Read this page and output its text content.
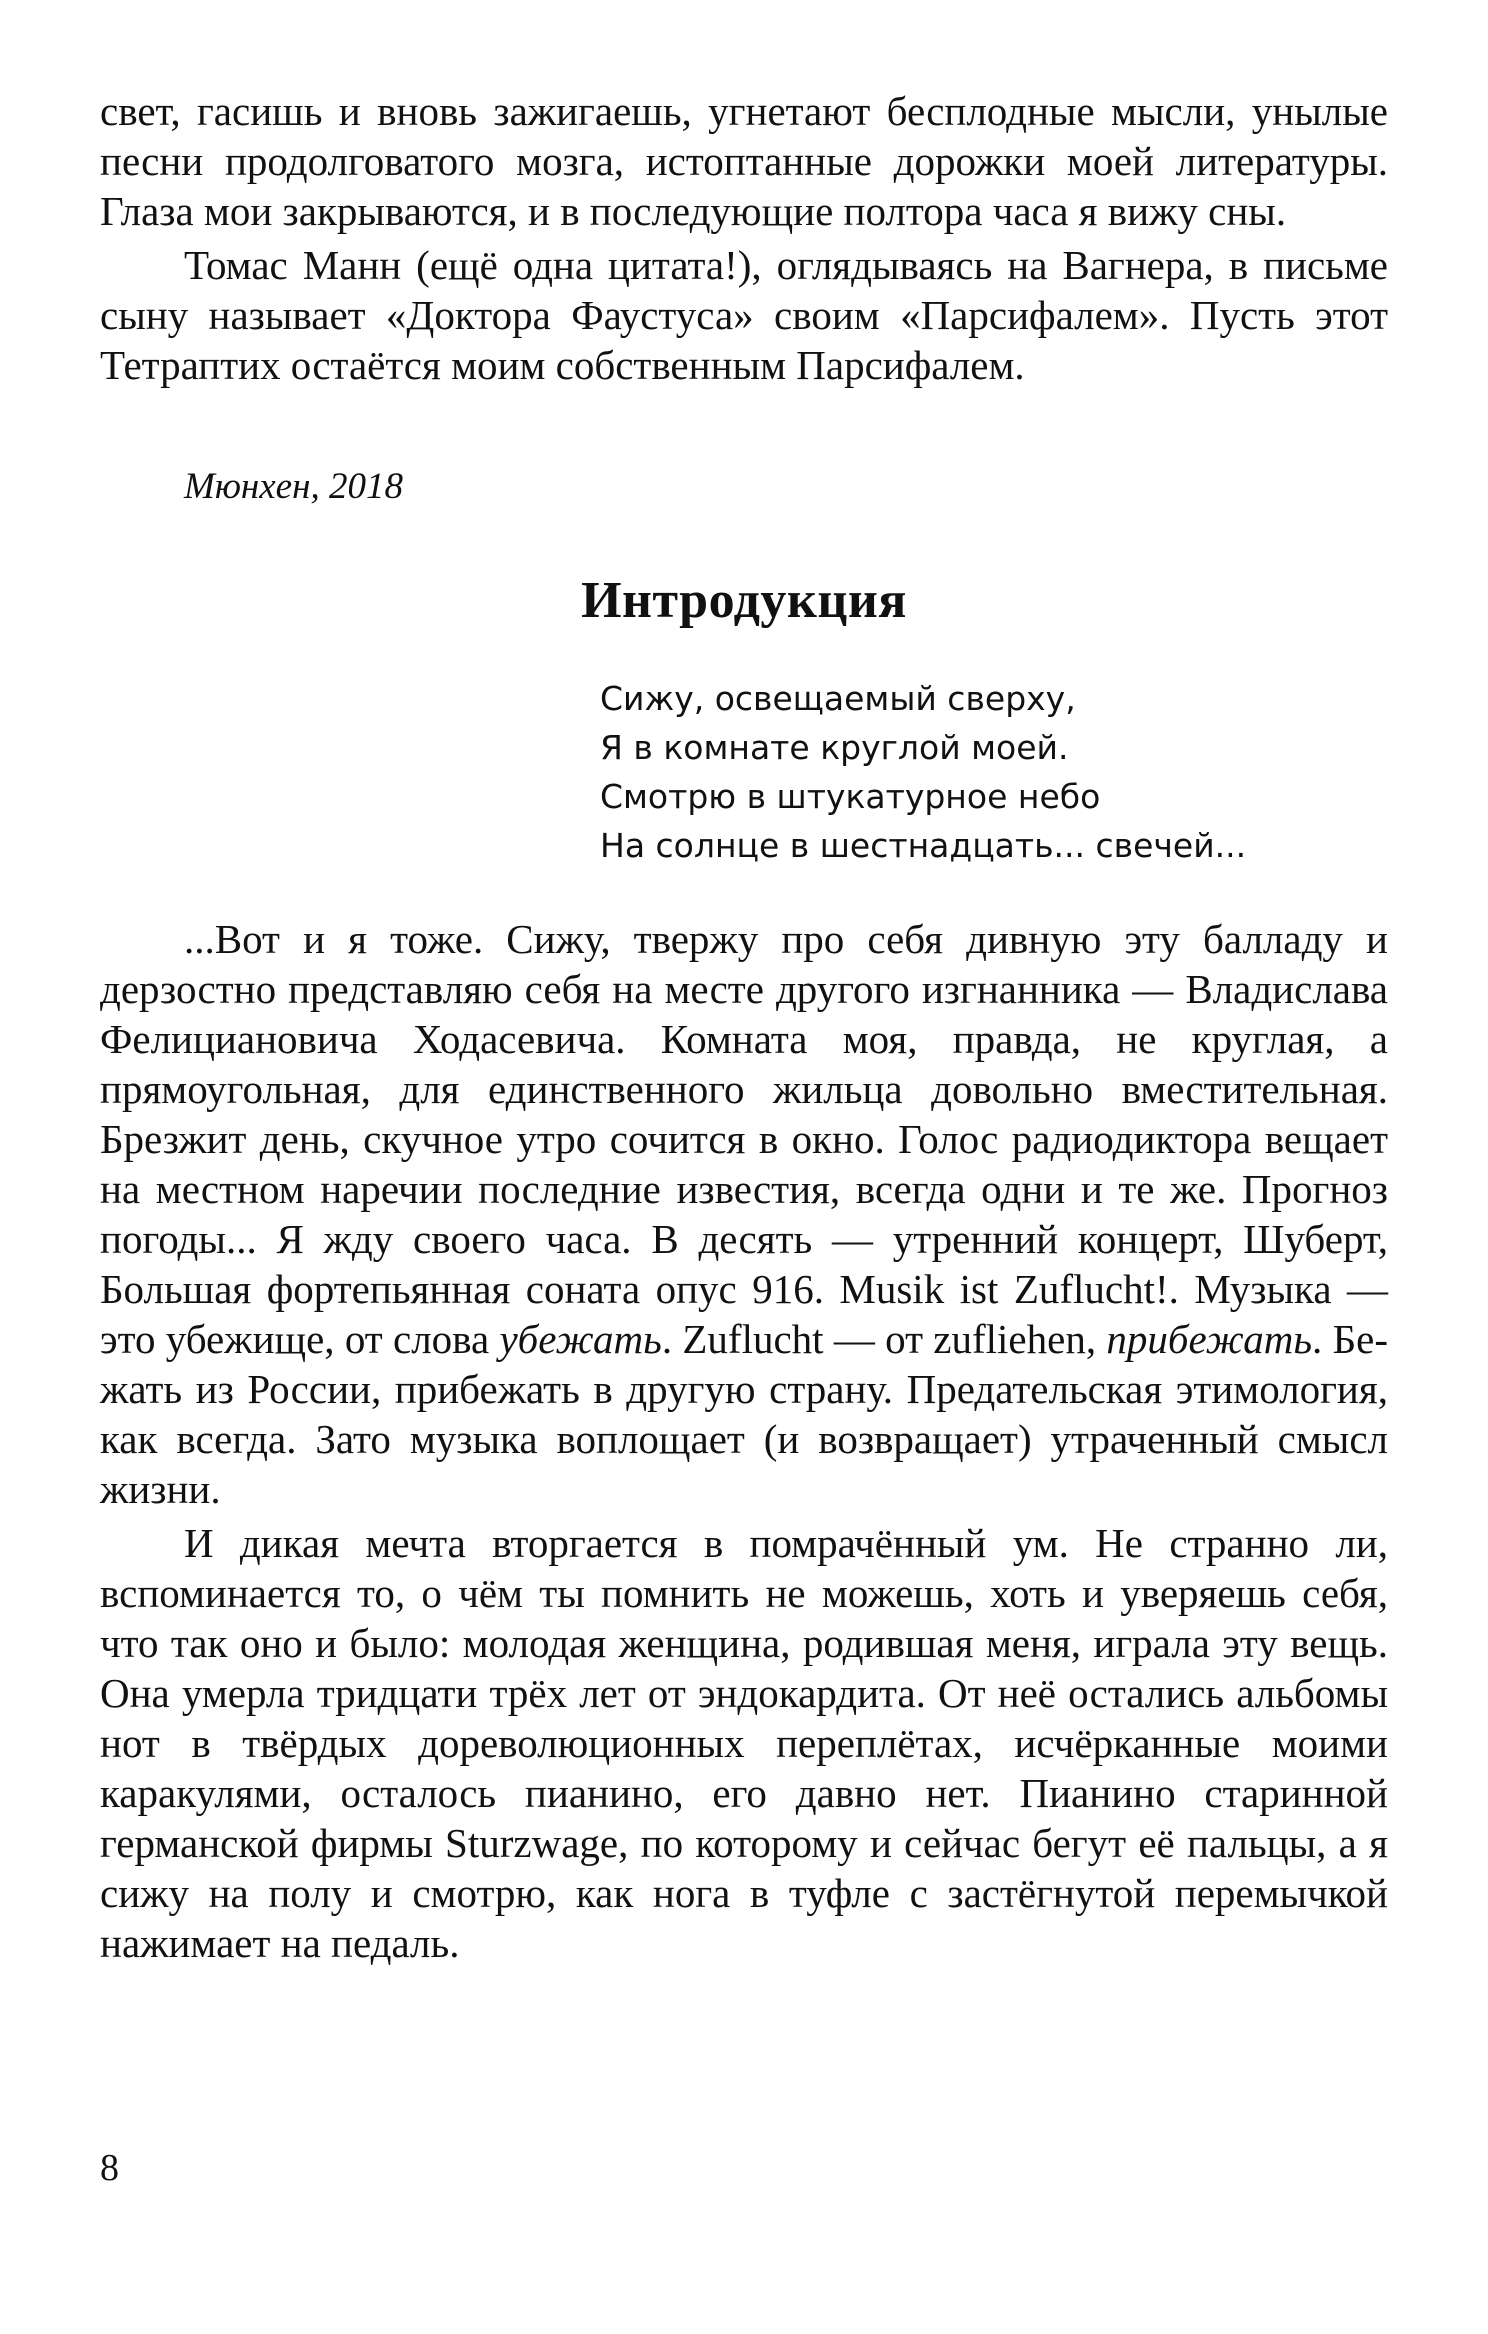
свет, гасишь и вновь зажигаешь, угнетают бесплодные мысли, унылые песни продолговатого мозга, истоптанные дорожки моей литературы. Глаза мои закрываются, и в последующие полтора часа я вижу сны.

Томас Манн (ещё одна цитата!), оглядываясь на Вагнера, в письме сыну называет «Доктора Фаустуса» своим «Парсифалем». Пусть этот Тетраптих остаётся моим собственным Парсифалем.

Мюнхен, 2018
Интродукция
Сижу, освещаемый сверху,
Я в комнате круглой моей.
Смотрю в штукатурное небо
На солнце в шестнадцать... свечей...

...Вот и я тоже. Сижу, твержу про себя дивную эту балладу и дерзостно представляю себя на месте другого изгнанника — Владислава Фелициановича Ходасевича. Комната моя, правда, не круглая, а прямоугольная, для единственного жильца довольно вместительная. Брезжит день, скучное утро сочится в окно. Голос радиодиктора вещает на местном наречии последние известия, всегда одни и те же. Прогноз погоды... Я жду своего часа. В десять — утренний концерт, Шуберт, Большая фортепьянная соната опус 916. Musik ist Zuflucht!. Музыка — это убежище, от слова убежать. Zuflucht — от zufliehen, прибежать. Бежать из России, прибежать в другую страну. Предательская этимология, как всегда. Зато музыка воплощает (и возвращает) утраченный смысл жизни.

И дикая мечта вторгается в помрачённый ум. Не странно ли, вспоминается то, о чём ты помнить не можешь, хоть и уверяешь себя, что так оно и было: молодая женщина, родившая меня, играла эту вещь. Она умерла тридцати трёх лет от эндокардита. От неё остались альбомы нот в твёрдых дореволюционных переплётах, исчёрканные моими каракулями, осталось пианино, его давно нет. Пианино старинной германской фирмы Sturzwage, по которому и сейчас бегут её пальцы, а я сижу на полу и смотрю, как нога в туфле с застёгнутой перемычкой нажимает на педаль.

8
